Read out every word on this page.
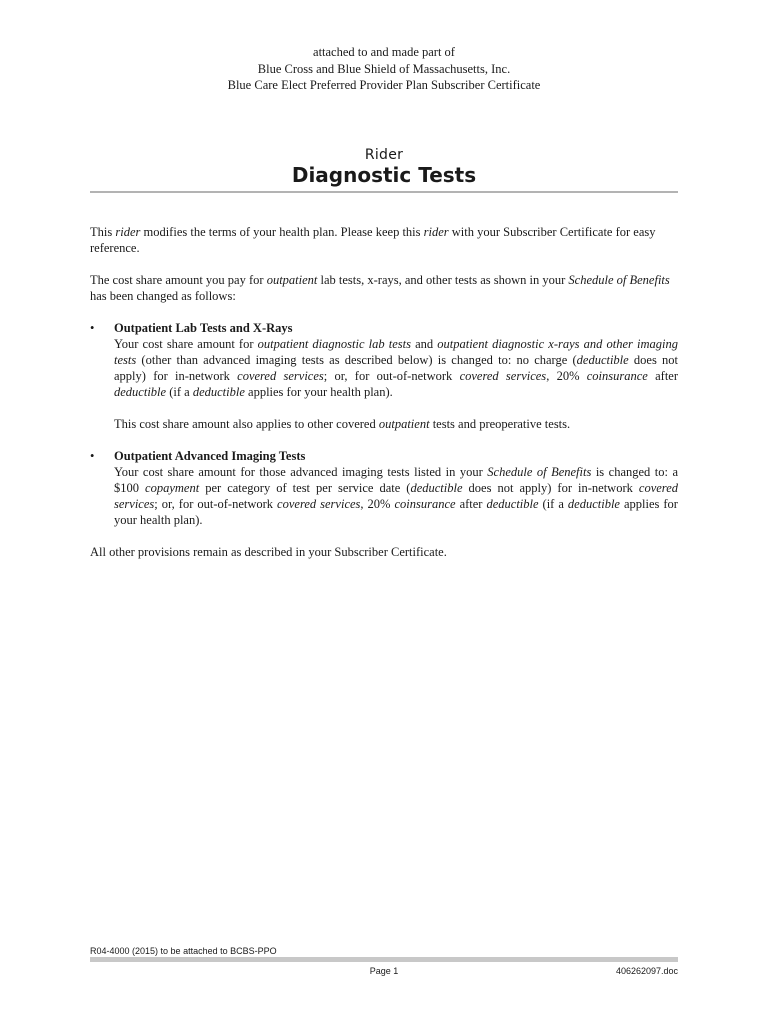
attached to and made part of
Blue Cross and Blue Shield of Massachusetts, Inc.
Blue Care Elect Preferred Provider Plan Subscriber Certificate
Rider
Diagnostic Tests

This rider modifies the terms of your health plan. Please keep this rider with your Subscriber Certificate for easy reference.

The cost share amount you pay for outpatient lab tests, x-rays, and other tests as shown in your Schedule of Benefits has been changed as follows:

• Outpatient Lab Tests and X-Rays
Your cost share amount for outpatient diagnostic lab tests and outpatient diagnostic x-rays and other imaging tests (other than advanced imaging tests as described below) is changed to: no charge (deductible does not apply) for in-network covered services; or, for out-of-network covered services, 20% coinsurance after deductible (if a deductible applies for your health plan).
This cost share amount also applies to other covered outpatient tests and preoperative tests.
• Outpatient Advanced Imaging Tests
Your cost share amount for those advanced imaging tests listed in your Schedule of Benefits is changed to: a $100 copayment per category of test per service date (deductible does not apply) for in-network covered services; or, for out-of-network covered services, 20% coinsurance after deductible (if a deductible applies for your health plan).

All other provisions remain as described in your Subscriber Certificate.

R04-4000 (2015) to be attached to BCBS-PPO
Page 1	406262097.doc
